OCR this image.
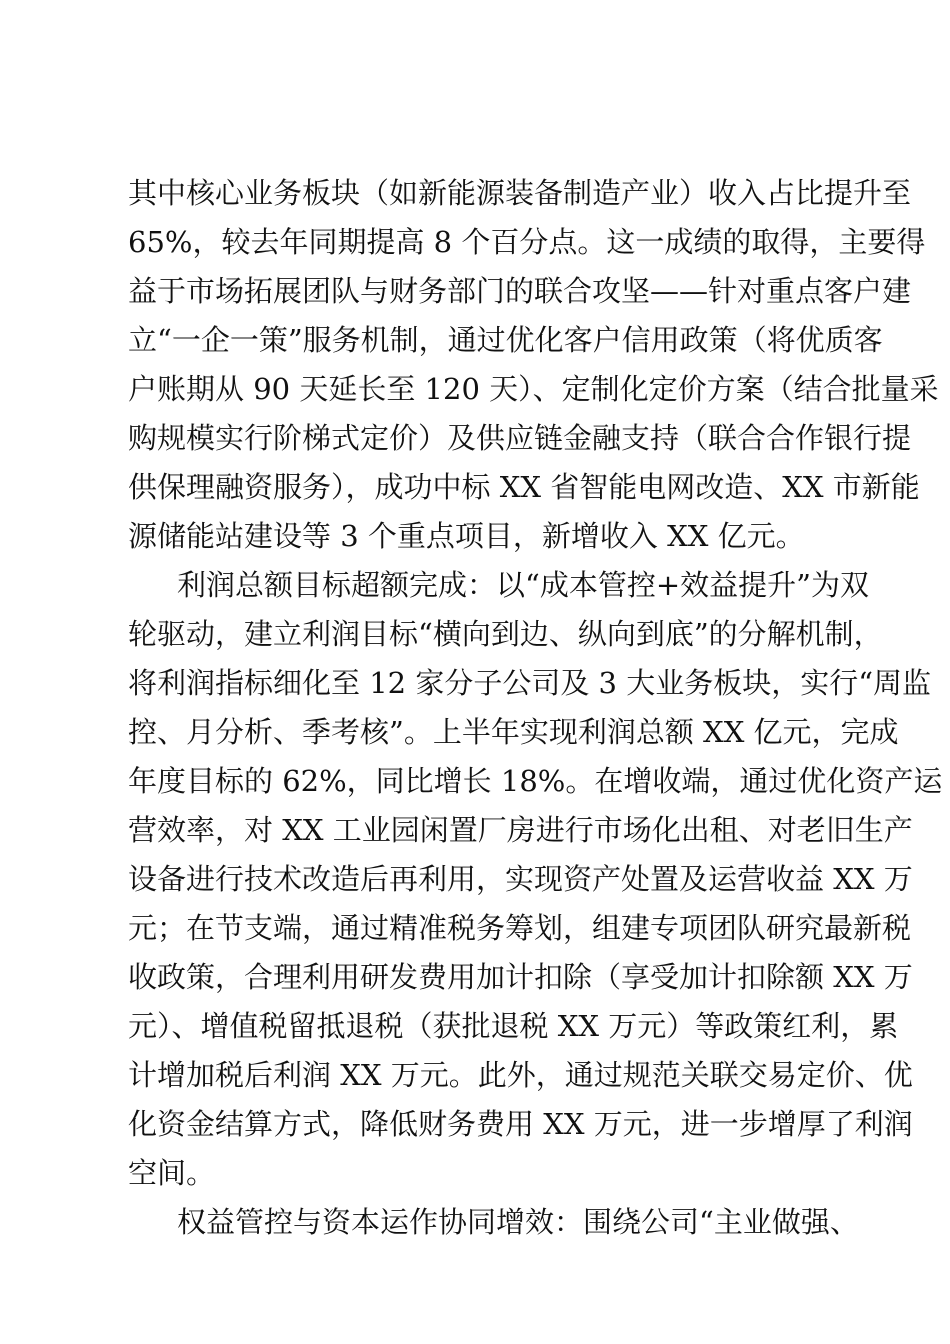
其中核心业务板块（如新能源装备制造产业）收入占比提升至
65%，较去年同期提高 8 个百分点。这一成绩的取得，主要得
益于市场拓展团队与财务部门的联合攻坚——针对重点客户建
立“一企一策”服务机制，通过优化客户信用政策（将优质客
户账期从 90 天延长至 120 天）、定制化定价方案（结合批量采
购规模实行阶梯式定价）及供应链金融支持（联合合作银行提
供保理融资服务），成功中标 XX 省智能电网改造、XX 市新能
源储能站建设等 3 个重点项目，新增收入 XX 亿元。
利润总额目标超额完成：以“成本管控+效益提升”为双
轮驱动，建立利润目标“横向到边、纵向到底”的分解机制，
将利润指标细化至 12 家分子公司及 3 大业务板块，实行“周监
控、月分析、季考核”。上半年实现利润总额 XX 亿元，完成
年度目标的 62%，同比增长 18%。在增收端，通过优化资产运
营效率，对 XX 工业园闲置厂房进行市场化出租、对老旧生产
设备进行技术改造后再利用，实现资产处置及运营收益 XX 万
元；在节支端，通过精准税务筹划，组建专项团队研究最新税
收政策，合理利用研发费用加计扣除（享受加计扣除额 XX 万
元）、增值税留抵退税（获批退税 XX 万元）等政策红利，累
计增加税后利润 XX 万元。此外，通过规范关联交易定价、优
化资金结算方式，降低财务费用 XX 万元，进一步增厚了利润
空间。
权益管控与资本运作协同增效：围绕公司“主业做强、
